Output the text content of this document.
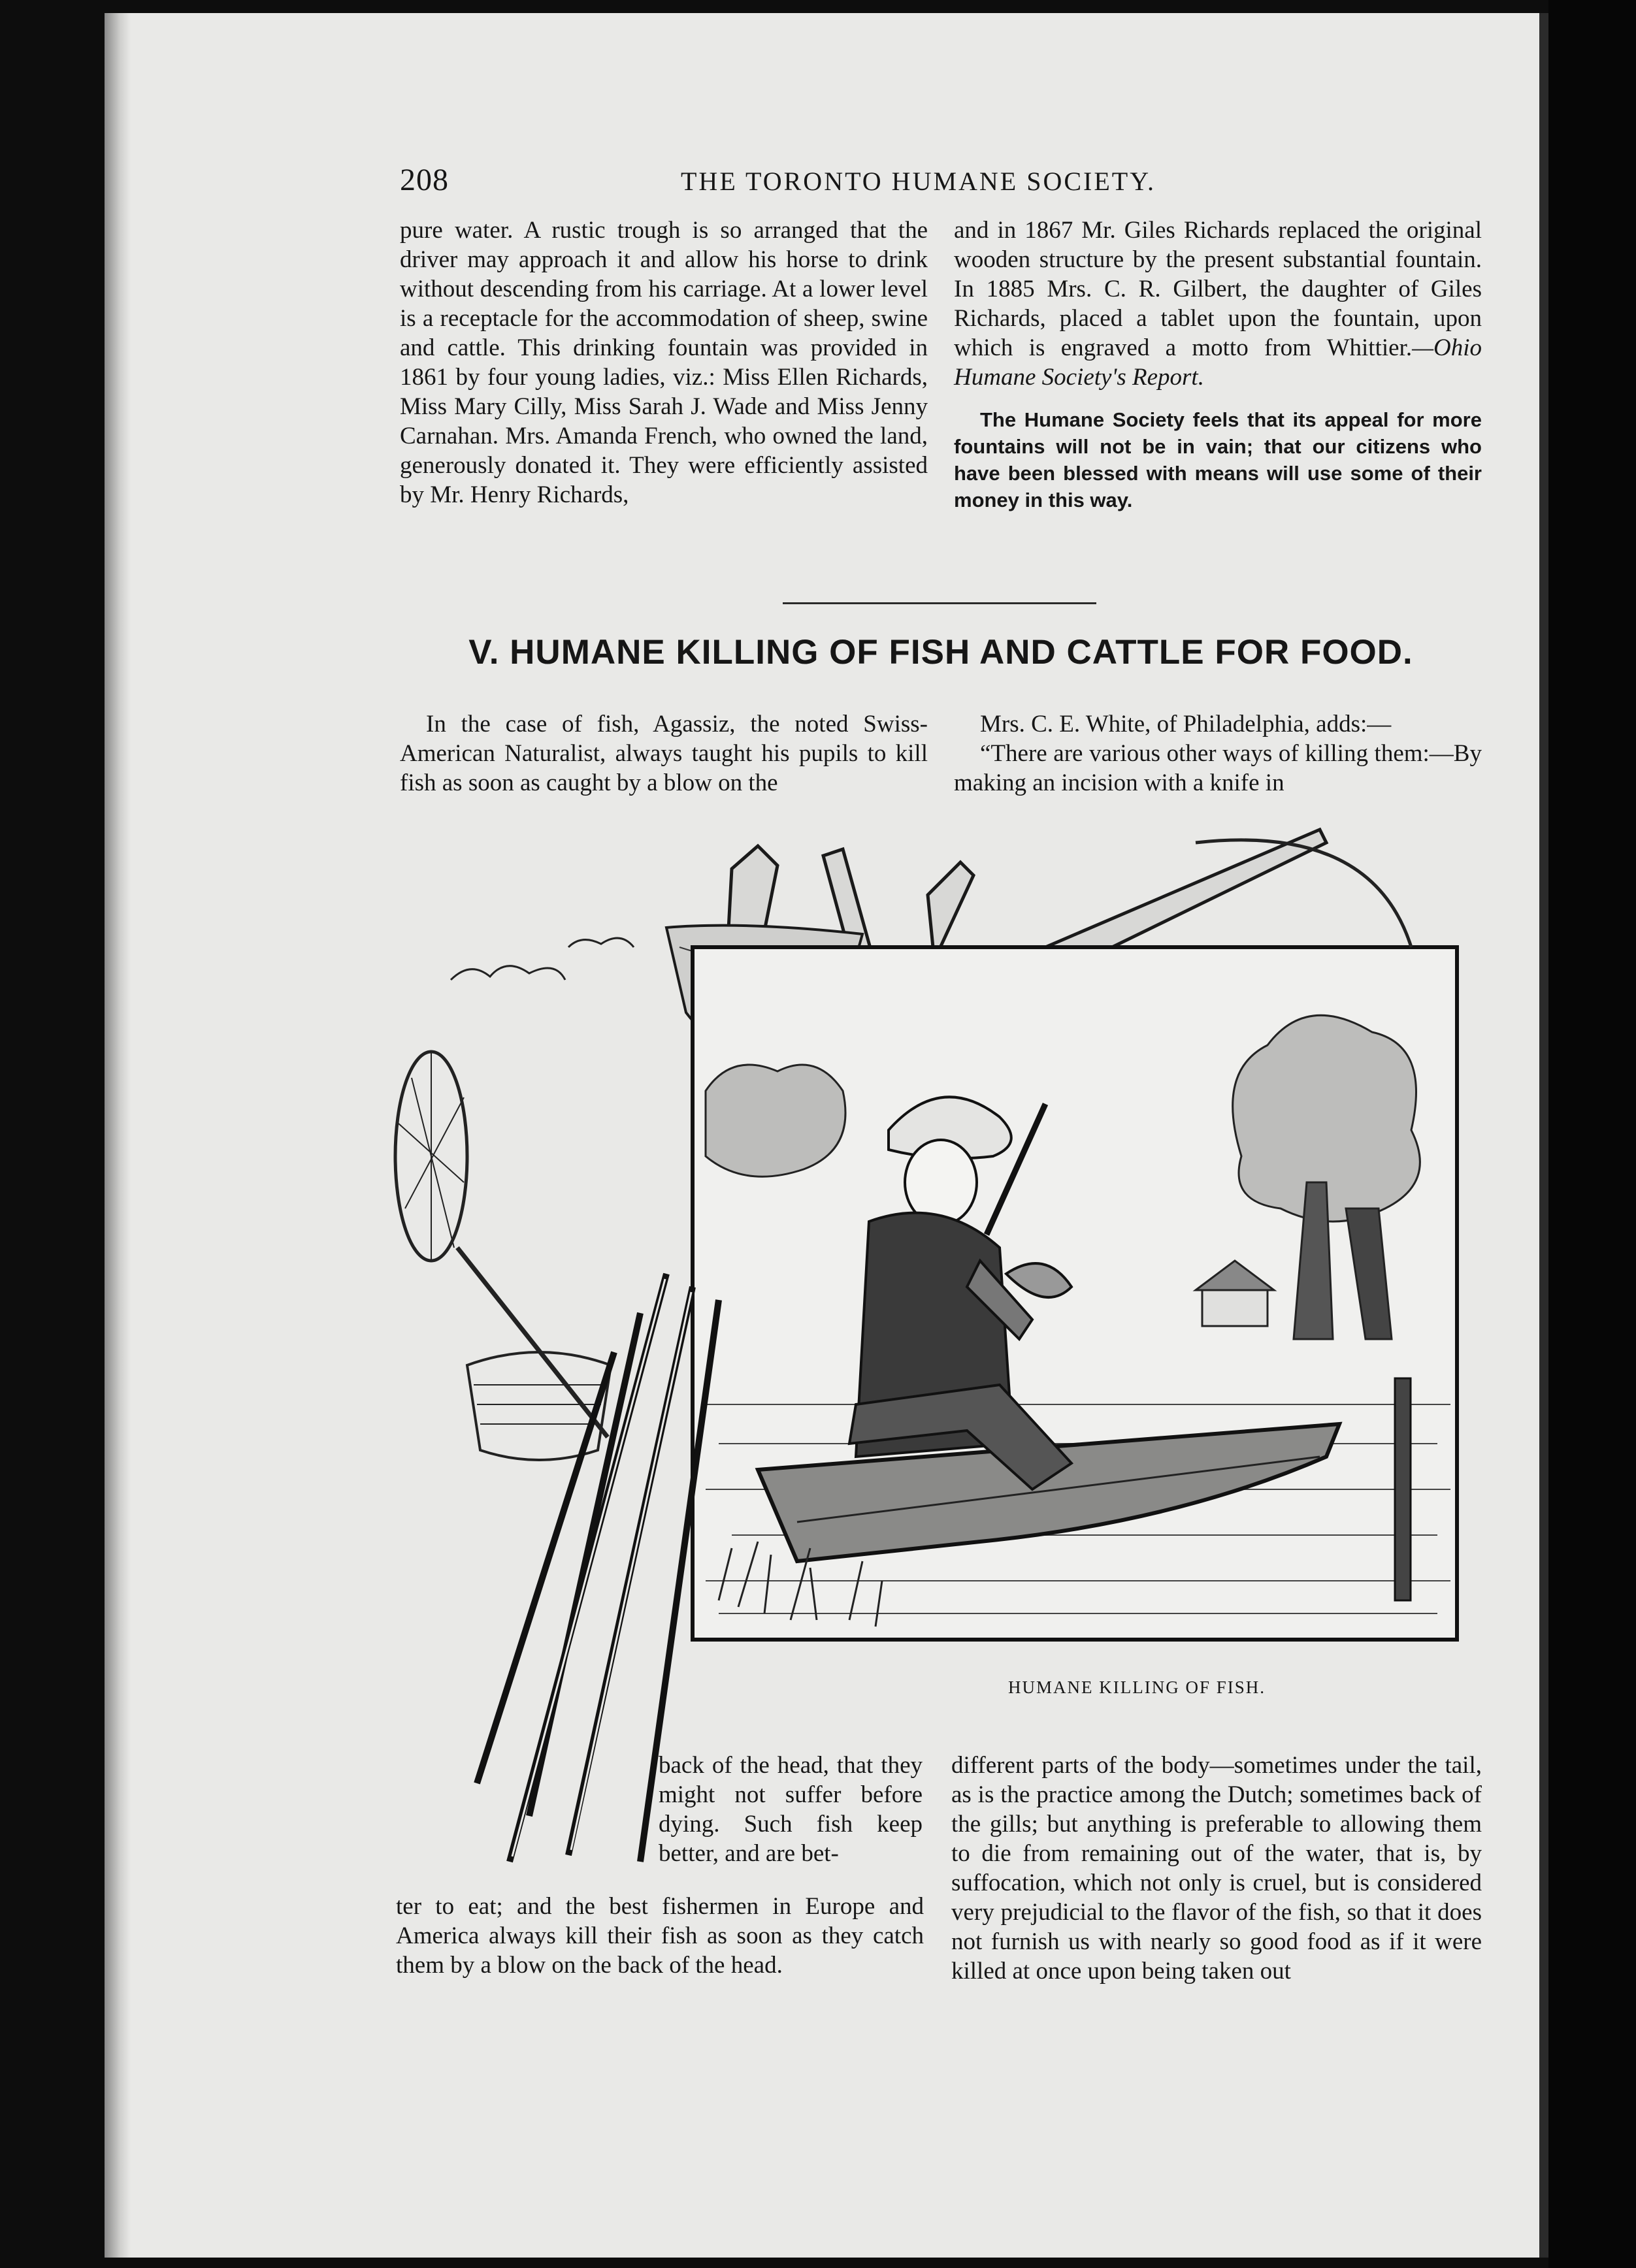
208	THE TORONTO HUMANE SOCIETY.

pure water. A rustic trough is so arranged that the driver may approach it and allow his horse to drink without descending from his carriage. At a lower level is a receptacle for the accommodation of sheep, swine and cattle. This drinking fountain was provided in 1861 by four young ladies, viz.: Miss Ellen Richards, Miss Mary Cilly, Miss Sarah J. Wade and Miss Jenny Carnahan. Mrs. Amanda French, who owned the land, generously donated it. They were efficiently assisted by Mr. Henry Richards,

and in 1867 Mr. Giles Richards replaced the original wooden structure by the present substantial fountain. In 1885 Mrs. C. R. Gilbert, the daughter of Giles Richards, placed a tablet upon the fountain, upon which is engraved a motto from Whittier.—Ohio Humane Society's Report.

The Humane Society feels that its appeal for more fountains will not be in vain; that our citizens who have been blessed with means will use some of their money in this way.

V. HUMANE KILLING OF FISH AND CATTLE FOR FOOD.

In the case of fish, Agassiz, the noted Swiss-American Naturalist, always taught his pupils to kill fish as soon as caught by a blow on the

Mrs. C. E. White, of Philadelphia, adds:—

“There are various other ways of killing them:—By making an incision with a knife in

HUMANE KILLING OF FISH.

back of the head, that they might not suffer before dying. Such fish keep better, and are bet-

ter to eat; and the best fishermen in Europe and America always kill their fish as soon as they catch them by a blow on the back of the head.

different parts of the body—sometimes under the tail, as is the practice among the Dutch; sometimes back of the gills; but anything is preferable to allowing them to die from remaining out of the water, that is, by suffocation, which not only is cruel, but is considered very prejudicial to the flavor of the fish, so that it does not furnish us with nearly so good food as if it were killed at once upon being taken out
